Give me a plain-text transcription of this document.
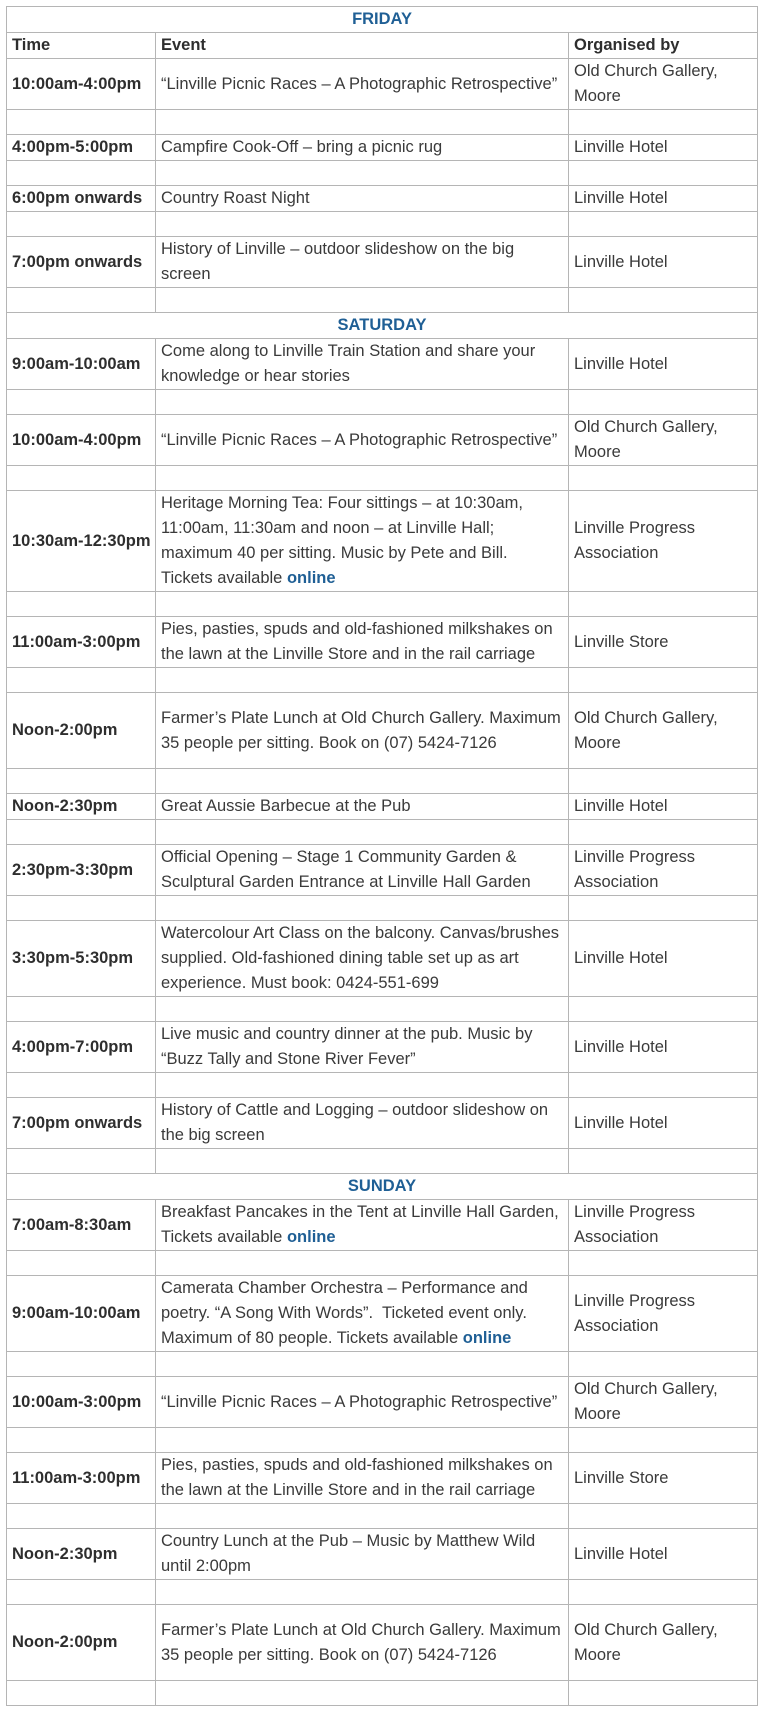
FRIDAY		
Time	Event	Organised by
10:00am-4:00pm	“Linville Picnic Races – A Photographic Retrospective”	Old Church Gallery, Moore

4:00pm-5:00pm	Campfire Cook-Off – bring a picnic rug	Linville Hotel

6:00pm onwards	Country Roast Night	Linville Hotel

7:00pm onwards	History of Linville – outdoor slideshow on the big screen	Linville Hotel

SATURDAY		
9:00am-10:00am	Come along to Linville Train Station and share your knowledge or hear stories	Linville Hotel

10:00am-4:00pm	“Linville Picnic Races – A Photographic Retrospective”	Old Church Gallery, Moore

10:30am-12:30pm	Heritage Morning Tea: Four sittings – at 10:30am, 11:00am, 11:30am and noon – at Linville Hall; maximum 40 per sitting. Music by Pete and Bill. Tickets available online	Linville Progress Association

11:00am-3:00pm	Pies, pasties, spuds and old-fashioned milkshakes on the lawn at the Linville Store and in the rail carriage	Linville Store

Noon-2:00pm	Farmer’s Plate Lunch at Old Church Gallery. Maximum 35 people per sitting. Book on (07) 5424-7126	Old Church Gallery, Moore

Noon-2:30pm	Great Aussie Barbecue at the Pub	Linville Hotel

2:30pm-3:30pm	Official Opening – Stage 1 Community Garden & Sculptural Garden Entrance at Linville Hall Garden	Linville Progress Association

3:30pm-5:30pm	Watercolour Art Class on the balcony. Canvas/brushes supplied. Old-fashioned dining table set up as art experience. Must book: 0424-551-699	Linville Hotel

4:00pm-7:00pm	Live music and country dinner at the pub. Music by “Buzz Tally and Stone River Fever”	Linville Hotel

7:00pm onwards	History of Cattle and Logging – outdoor slideshow on the big screen	Linville Hotel

SUNDAY		
7:00am-8:30am	Breakfast Pancakes in the Tent at Linville Hall Garden, Tickets available online	Linville Progress Association

9:00am-10:00am	Camerata Chamber Orchestra – Performance and poetry. “A Song With Words”.  Ticketed event only. Maximum of 80 people. Tickets available online	Linville Progress Association

10:00am-3:00pm	“Linville Picnic Races – A Photographic Retrospective”	Old Church Gallery, Moore

11:00am-3:00pm	Pies, pasties, spuds and old-fashioned milkshakes on the lawn at the Linville Store and in the rail carriage	Linville Store

Noon-2:30pm	Country Lunch at the Pub – Music by Matthew Wild until 2:00pm	Linville Hotel

Noon-2:00pm	Farmer’s Plate Lunch at Old Church Gallery. Maximum 35 people per sitting. Book on (07) 5424-7126	Old Church Gallery, Moore
